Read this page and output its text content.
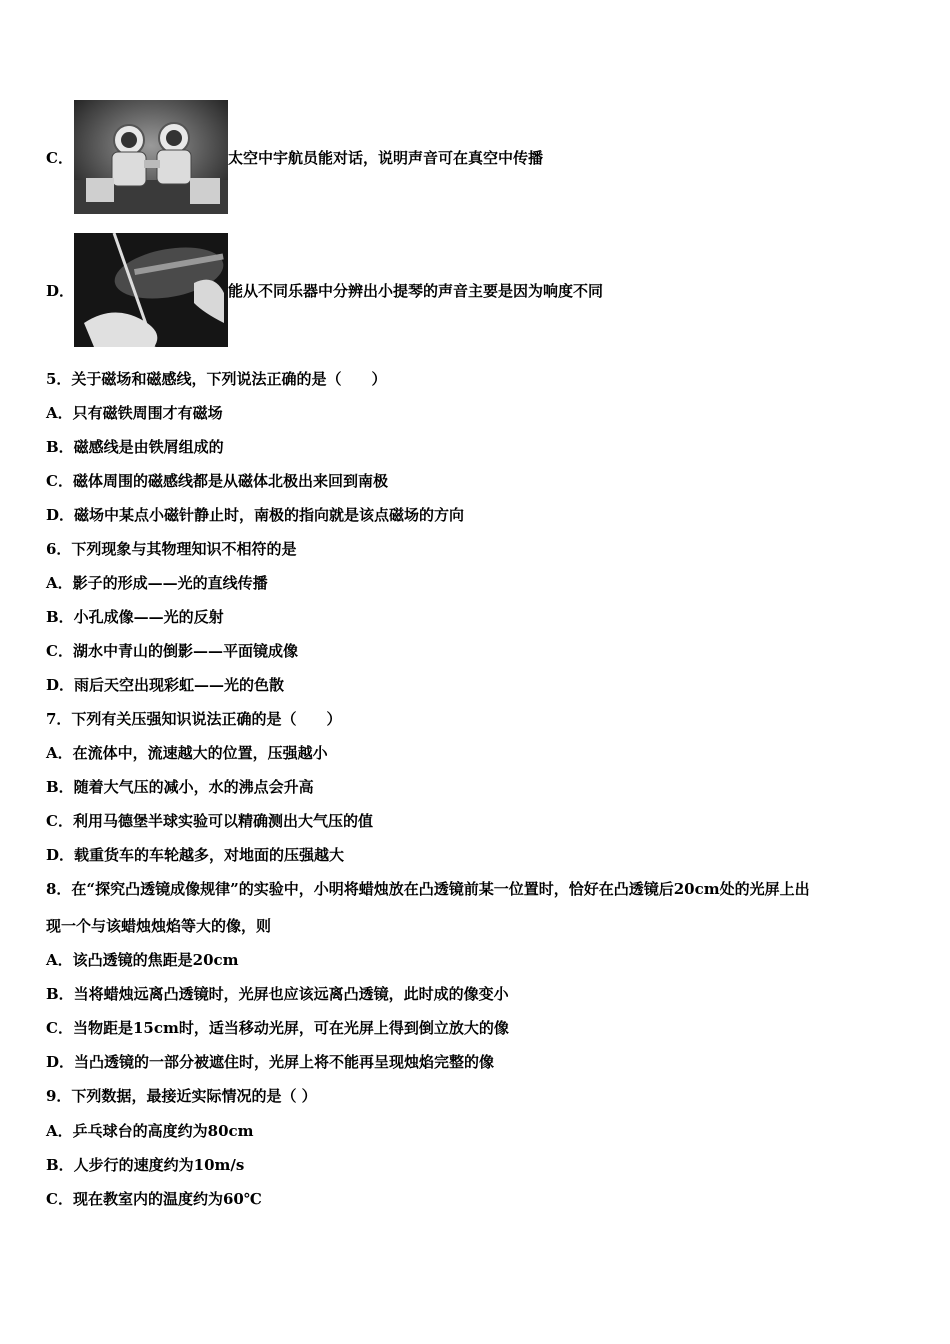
C．	太空中宇航员能对话，说明声音可在真空中传播
D．	能从不同乐器中分辨出小提琴的声音主要是因为响度不同
5．关于磁场和磁感线，下列说法正确的是（　　）
A．只有磁铁周围才有磁场
B．磁感线是由铁屑组成的
C．磁体周围的磁感线都是从磁体北极出来回到南极
D．磁场中某点小磁针静止时，南极的指向就是该点磁场的方向
6．下列现象与其物理知识不相符的是
A．影子的形成——光的直线传播
B．小孔成像——光的反射
C．湖水中青山的倒影——平面镜成像
D．雨后天空出现彩虹——光的色散
7．下列有关压强知识说法正确的是（　　）
A．在流体中，流速越大的位置，压强越小
B．随着大气压的减小，水的沸点会升高
C．利用马德堡半球实验可以精确测出大气压的值
D．载重货车的车轮越多，对地面的压强越大
8．在“探究凸透镜成像规律”的实验中，小明将蜡烛放在凸透镜前某一位置时，恰好在凸透镜后20cm处的光屏上出
现一个与该蜡烛烛焰等大的像，则
A．该凸透镜的焦距是20cm
B．当将蜡烛远离凸透镜时，光屏也应该远离凸透镜，此时成的像变小
C．当物距是15cm时，适当移动光屏，可在光屏上得到倒立放大的像
D．当凸透镜的一部分被遮住时，光屏上将不能再呈现烛焰完整的像
9．下列数据，最接近实际情况的是（ ）
A．乒乓球台的高度约为80cm
B．人步行的速度约为10m/s
C．现在教室内的温度约为60℃
